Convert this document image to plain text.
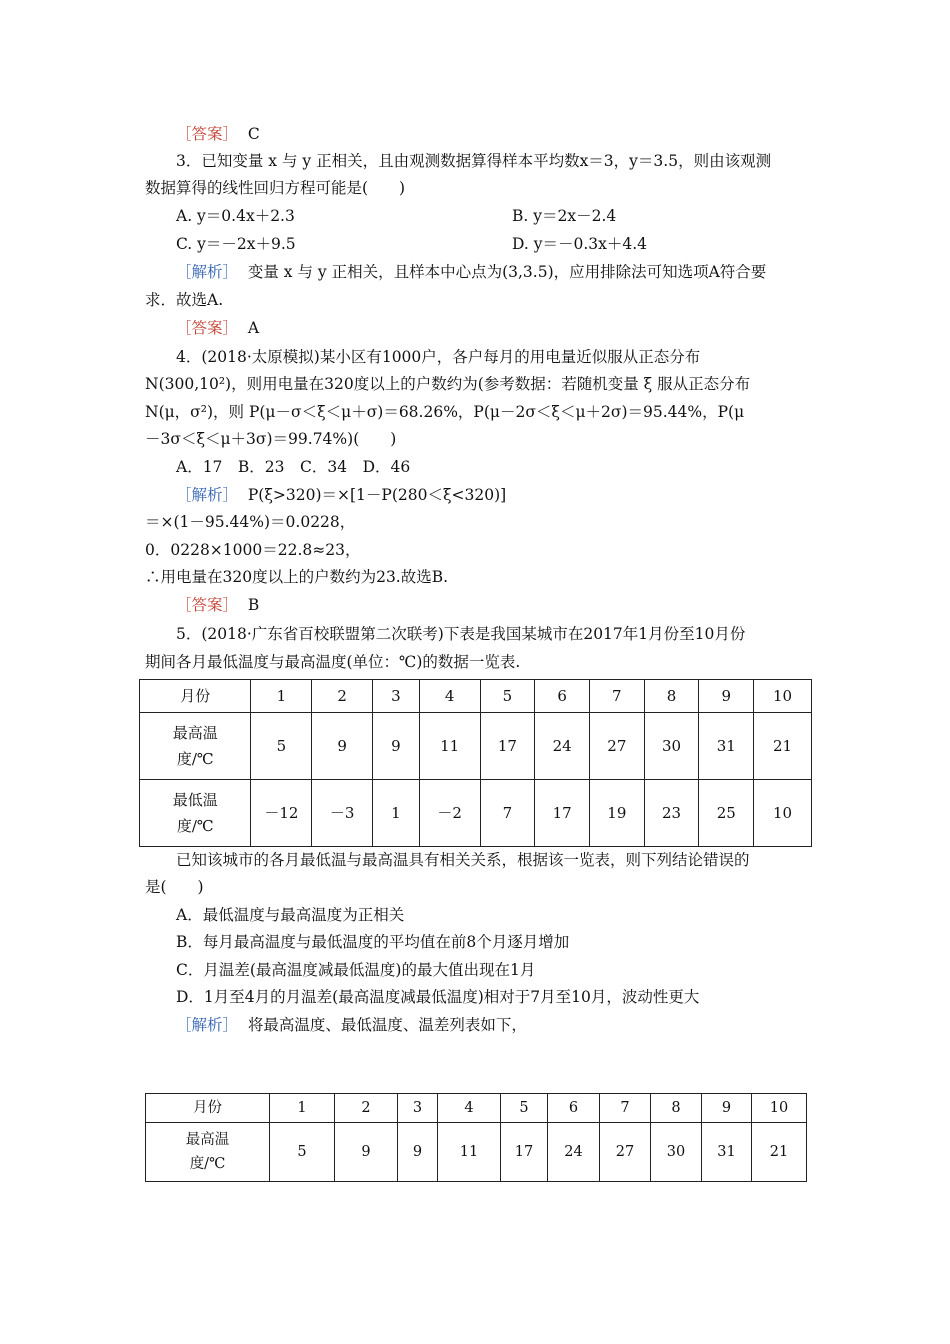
［答案］ C
3．已知变量 x 与 y 正相关，且由观测数据算得样本平均数x＝3，y＝3.5，则由该观测
数据算得的线性回归方程可能是(　　)
A. y＝0.4x＋2.3	B. y＝2x－2.4
C. y＝－2x＋9.5	D. y＝－0.3x＋4.4
［解析］ 变量 x 与 y 正相关，且样本中心点为(3,3.5)，应用排除法可知选项A符合要
求．故选A.
［答案］ A
4．(2018·太原模拟)某小区有1000户，各户每月的用电量近似服从正态分布
N(300,10²)，则用电量在320度以上的户数约为(参考数据：若随机变量 ξ 服从正态分布
N(μ，σ²)，则 P(μ－σ＜ξ＜μ＋σ)＝68.26%，P(μ－2σ＜ξ＜μ＋2σ)＝95.44%，P(μ
－3σ＜ξ＜μ＋3σ)＝99.74%)(　　)
A．17　B．23　C．34　D．46
［解析］ P(ξ>320)＝×[1－P(280＜ξ<320)]
＝×(1－95.44%)＝0.0228，
0．0228×1000＝22.8≈23，
∴用电量在320度以上的户数约为23.故选B.
［答案］ B
5．(2018·广东省百校联盟第二次联考)下表是我国某城市在2017年1月份至10月份
期间各月最低温度与最高温度(单位：℃)的数据一览表.
月份	1	2	3	4	5	6	7	8	9	10
最高温
度/℃	5	9	9	11	17	24	27	30	31	21
最低温
度/℃	－12	－3	1	－2	7	17	19	23	25	10
已知该城市的各月最低温与最高温具有相关关系，根据该一览表，则下列结论错误的
是(　　)
A．最低温度与最高温度为正相关
B．每月最高温度与最低温度的平均值在前8个月逐月增加
C．月温差(最高温度减最低温度)的最大值出现在1月
D．1月至4月的月温差(最高温度减最低温度)相对于7月至10月，波动性更大
［解析］ 将最高温度、最低温度、温差列表如下，
月份	1	2	3	4	5	6	7	8	9	10
最高温
度/℃	5	9	9	11	17	24	27	30	31	21
